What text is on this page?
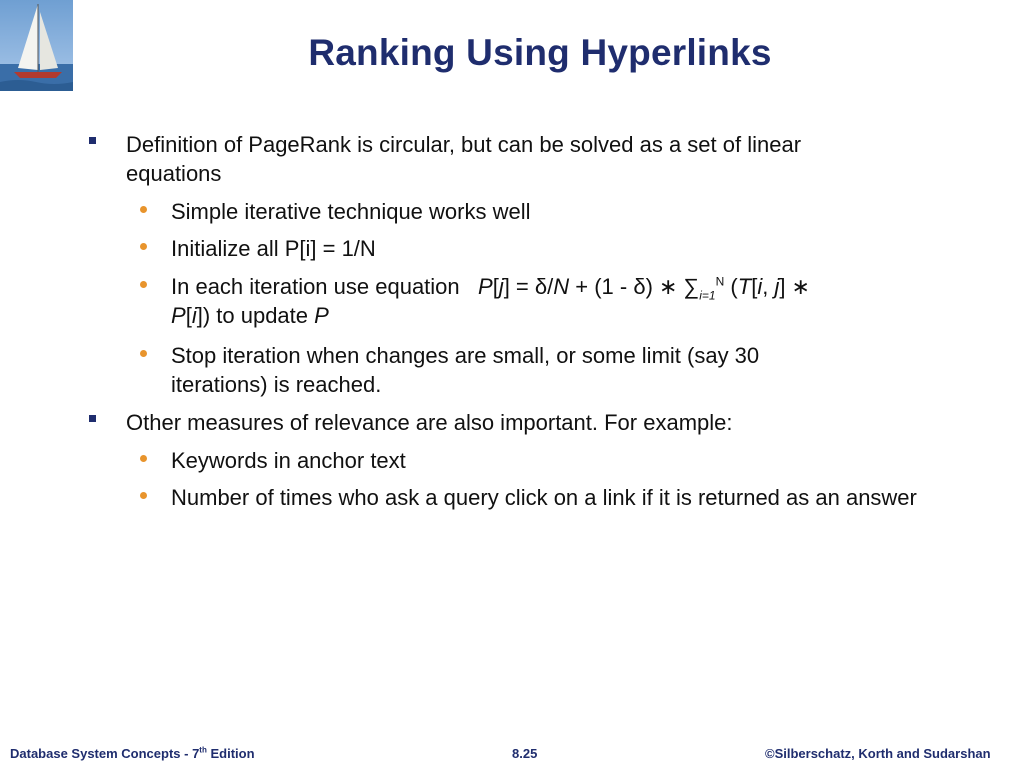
Ranking Using Hyperlinks
Definition of PageRank is circular, but can be solved as a set of linear equations
Simple iterative technique works well
Initialize all P[i] = 1/N
In each iteration use equation P[j] = δ/N + (1 - δ) ∗ $\sum_{i=1}^N$ (T[i, j] ∗
P[i]) to update P
Stop iteration when changes are small, or some limit (say 30 iterations) is reached.
Other measures of relevance are also important. For example:
Keywords in anchor text
Number of times who ask a query click on a link if it is returned as an answer
Database System Concepts - 7th Edition	8.25	©Silberschatz, Korth and Sudarshan
